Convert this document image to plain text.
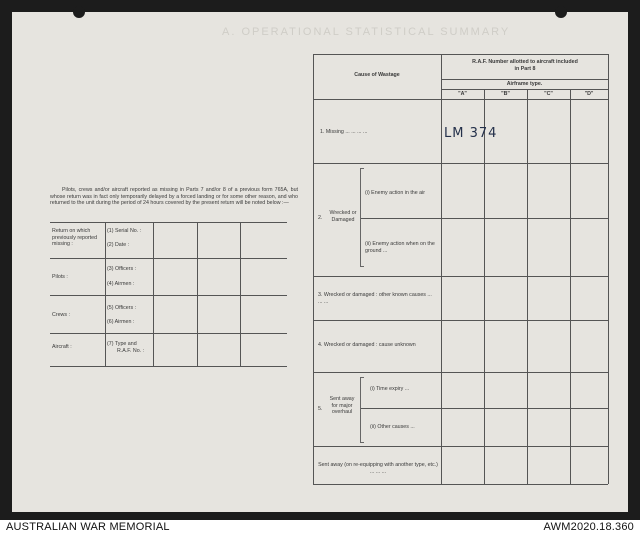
A. OPERATIONAL STATISTICAL SUMMARY
Pilots, crews and/or aircraft reported as missing in Parts 7 and/or 8 of a previous form 765A, but whose return was in fact only temporarily delayed by a forced landing or for some other reason, and who returned to the unit during the period of 24 hours covered by the present return will be noted below :—
Return on which previously reported missing :
(1) Serial No. :
(2) Date :
Pilots :
(3) Officers :
(4) Airmen :
Crews :
(5) Officers :
(6) Airmen :
Aircraft :	(7) Type and
R.A.F. No. :
Cause of Wastage
R.A.F. Number allotted to aircraft included in Part 8
Airframe type.
"A"	"B"	"C"	"D"
1. Missing ... ... ... ...	LM 374
2.
Wrecked or Damaged
(i) Enemy action in the air
(ii) Enemy action when on the ground ...
3. Wrecked or damaged : other known causes ... ... ...
4. Wrecked or damaged : cause unknown
5.
Sent away for major overhaul
(i) Time expiry ...
(ii) Other causes ...
Sent away (on re-equipping with another type, etc.) ... ... ...
AUSTRALIAN WAR MEMORIAL	AWM2020.18.360
